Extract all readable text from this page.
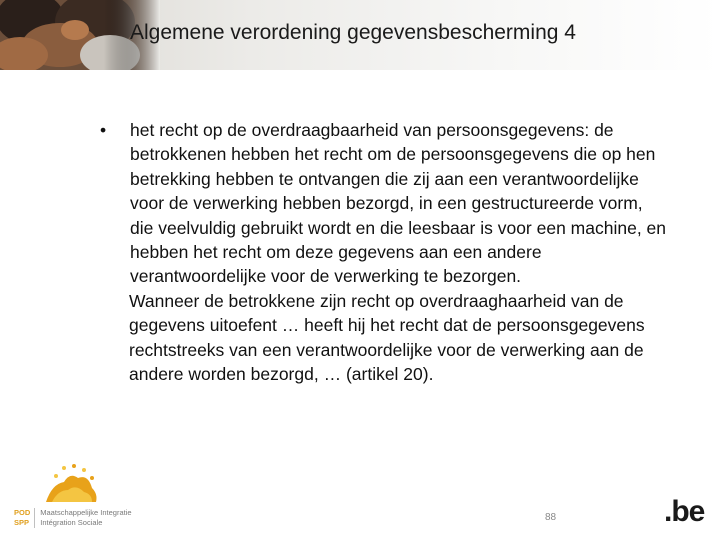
Algemene verordening gegevensbescherming 4
•	het recht op de overdraagbaarheid van persoonsgegevens: de betrokkenen hebben het recht om de persoonsgegevens die op hen betrekking hebben te ontvangen die zij aan een verantwoordelijke voor de verwerking hebben bezorgd, in een gestructureerde vorm, die veelvuldig gebruikt wordt en die leesbaar is voor een machine, en hebben het recht om deze gegevens aan een andere verantwoordelijke voor de verwerking te bezorgen.
Wanneer de betrokkene zijn recht op overdraaghaarheid van de gegevens uitoefent … heeft hij het recht dat de persoonsgegevens rechtstreeks van een verantwoordelijke voor de verwerking aan de andere worden bezorgd, … (artikel 20).
POD
SPP
Maatschappelijke Integratie
Intégration Sociale	88	.be
